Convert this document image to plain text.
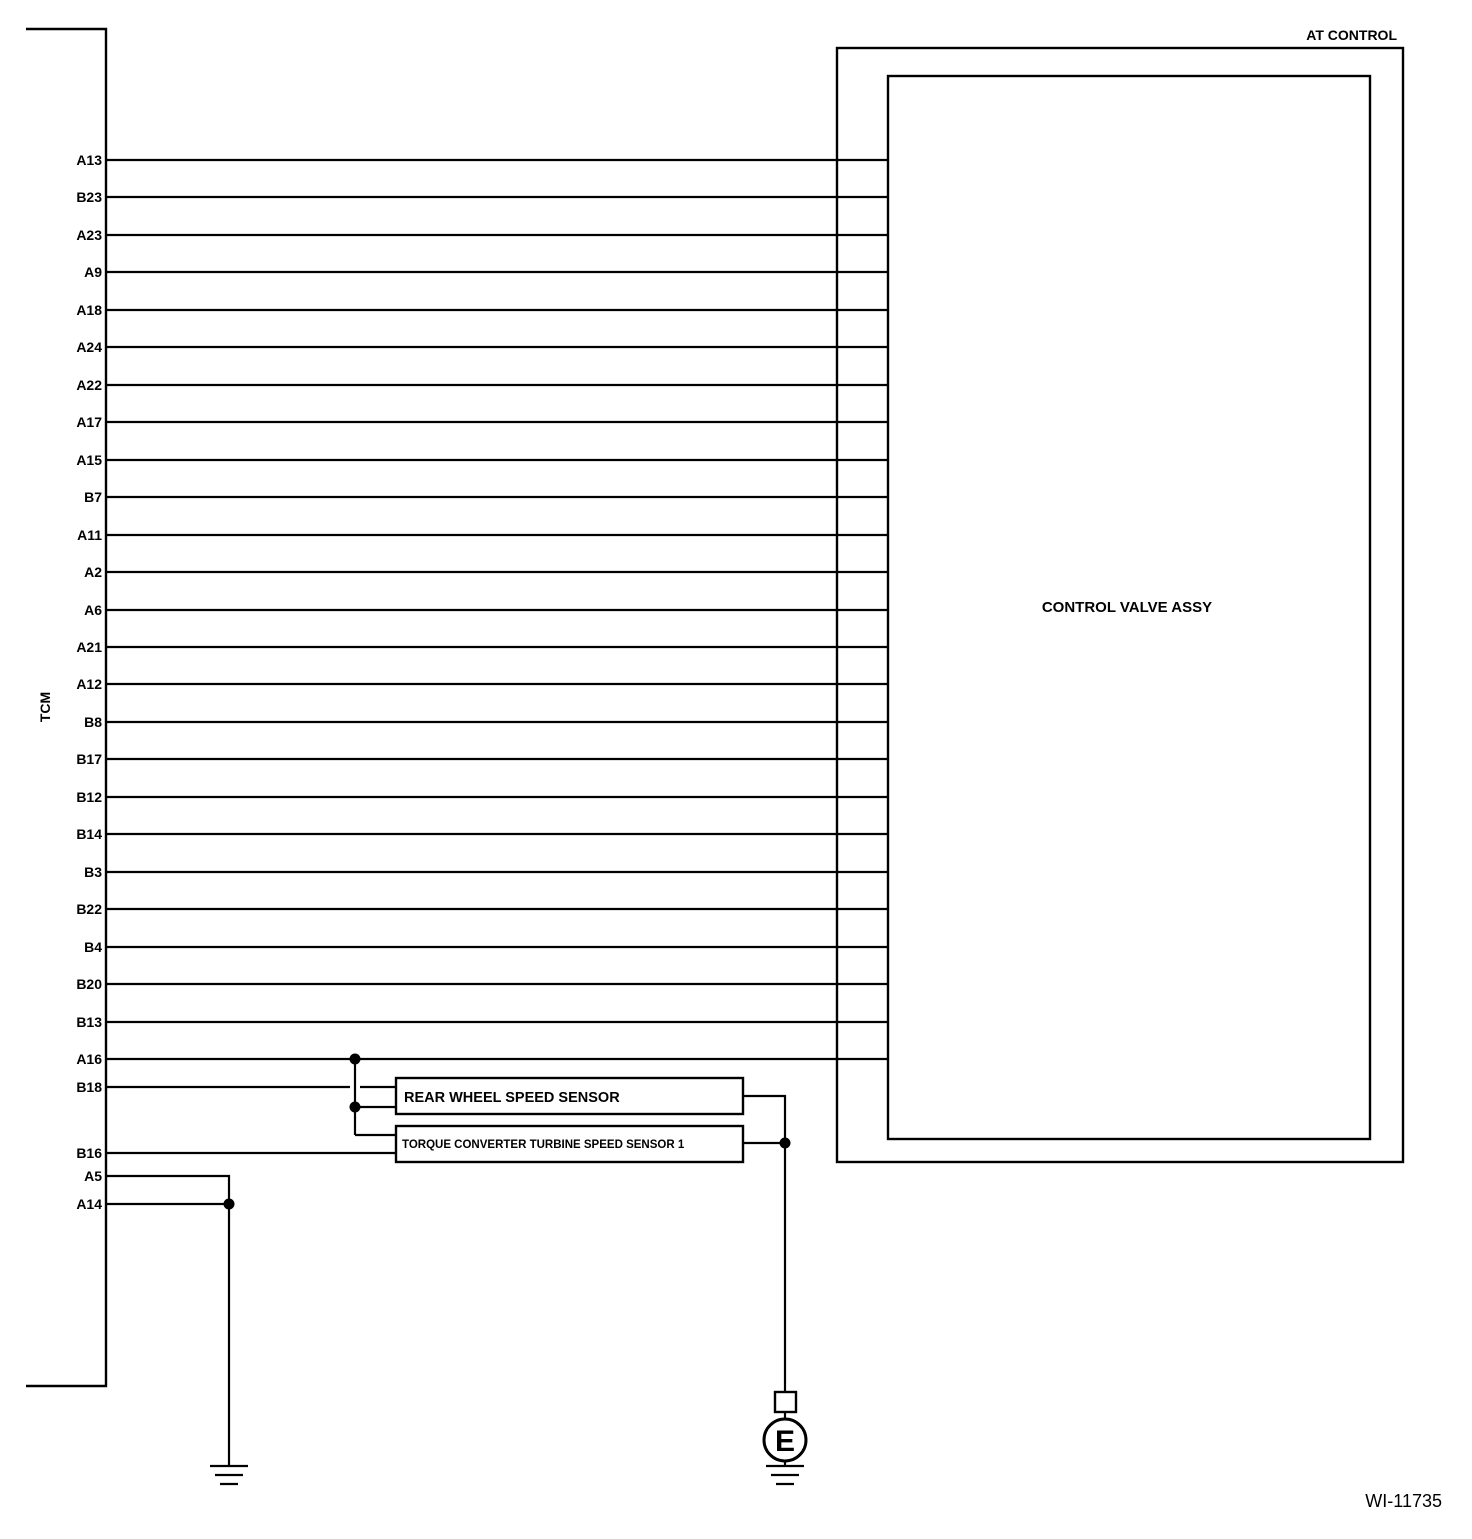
TCM
AT CONTROL
CONTROL VALVE ASSY
A13
B23
A23
A9
A18
A24
A22
A17
A15
B7
A11
A2
A6
A21
A12
B8
B17
B12
B14
B3
B22
B4
B20
B13
A16
B18
B16
REAR WHEEL SPEED SENSOR
TORQUE CONVERTER TURBINE SPEED SENSOR 1
E
A5
A14
WI-11735
